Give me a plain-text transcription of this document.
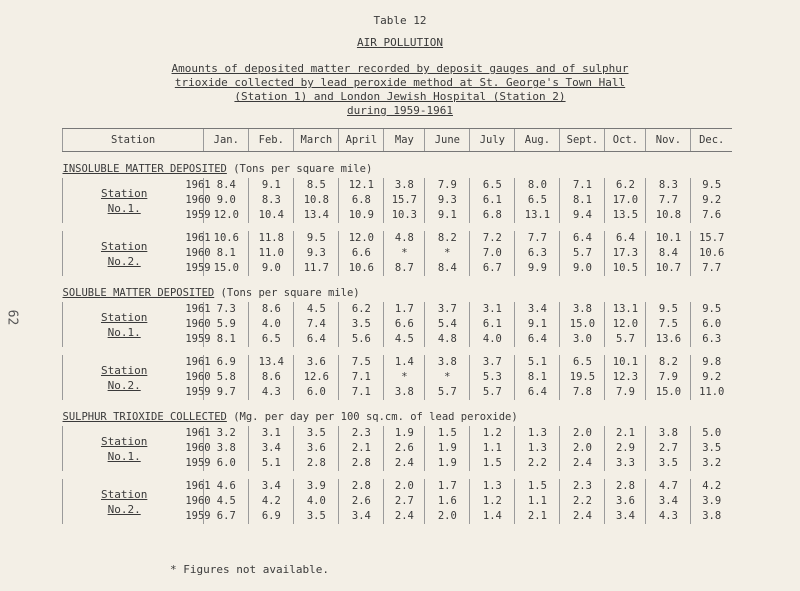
62
Table 12
AIR POLLUTION
Amounts of deposited matter recorded by deposit gauges and of sulphur
trioxide collected by lead peroxide method at St. George's Town Hall
(Station 1) and London Jewish Hospital (Station 2)
during 1959-1961
Station		Jan.	Feb.	March	April	May	June	July	Aug.	Sept.	Oct.	Nov.	Dec.
INSOLUBLE MATTER DEPOSITED (Tons per square mile)													

Station
No.1.	1961	8.4	9.1	8.5	12.1	3.8	7.9	6.5	8.0	7.1	6.2	8.3	9.5
	1960	9.0	8.3	10.8	6.8	15.7	9.3	6.1	6.5	8.1	17.0	7.7	9.2
	1959	12.0	10.4	13.4	10.9	10.3	9.1	6.8	13.1	9.4	13.5	10.8	7.6

Station
No.2.	1961	10.6	11.8	9.5	12.0	4.8	8.2	7.2	7.7	6.4	6.4	10.1	15.7
	1960	8.1	11.0	9.3	6.6	*	*	7.0	6.3	5.7	17.3	8.4	10.6
	1959	15.0	9.0	11.7	10.6	8.7	8.4	6.7	9.9	9.0	10.5	10.7	7.7
SOLUBLE MATTER DEPOSITED (Tons per square mile)													

Station
No.1.	1961	7.3	8.6	4.5	6.2	1.7	3.7	3.1	3.4	3.8	13.1	9.5	9.5
	1960	5.9	4.0	7.4	3.5	6.6	5.4	6.1	9.1	15.0	12.0	7.5	6.0
	1959	8.1	6.5	6.4	5.6	4.5	4.8	4.0	6.4	3.0	5.7	13.6	6.3

Station
No.2.	1961	6.9	13.4	3.6	7.5	1.4	3.8	3.7	5.1	6.5	10.1	8.2	9.8
	1960	5.8	8.6	12.6	7.1	*	*	5.3	8.1	19.5	12.3	7.9	9.2
	1959	9.7	4.3	6.0	7.1	3.8	5.7	5.7	6.4	7.8	7.9	15.0	11.0
SULPHUR TRIOXIDE COLLECTED (Mg. per day per 100 sq.cm. of lead peroxide)													

Station
No.1.	1961	3.2	3.1	3.5	2.3	1.9	1.5	1.2	1.3	2.0	2.1	3.8	5.0
	1960	3.8	3.4	3.6	2.1	2.6	1.9	1.1	1.3	2.0	2.9	2.7	3.5
	1959	6.0	5.1	2.8	2.8	2.4	1.9	1.5	2.2	2.4	3.3	3.5	3.2

Station
No.2.	1961	4.6	3.4	3.9	2.8	2.0	1.7	1.3	1.5	2.3	2.8	4.7	4.2
	1960	4.5	4.2	4.0	2.6	2.7	1.6	1.2	1.1	2.2	3.6	3.4	3.9
	1959	6.7	6.9	3.5	3.4	2.4	2.0	1.4	2.1	2.4	3.4	4.3	3.8
* Figures not available.
